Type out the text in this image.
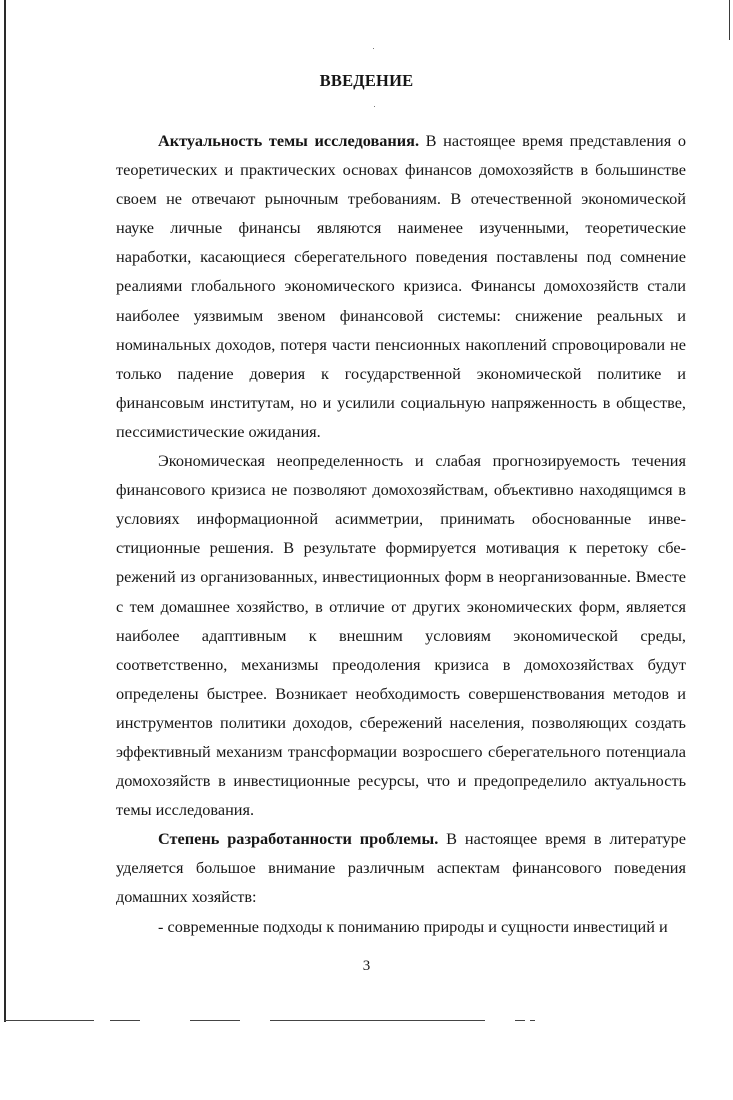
ВВЕДЕНИЕ

Актуальность темы исследования. В настоящее время представления о теоретических и практических основах финансов домохозяйств в большинстве своем не отвечают рыночным требованиям. В отечественной экономической науке личные финансы являются наименее изученными, теоретические наработки, касающиеся сберегательного поведения поставлены под сомнение реалиями глобального экономического кризиса. Финансы домохозяйств стали наиболее уязвимым звеном финансовой системы: снижение реальных и номинальных доходов, потеря части пенсионных накоплений спровоцировали не только падение доверия к государственной экономической политике и финансовым институтам, но и усилили социальную напряженность в обществе, пессимистические ожидания.

Экономическая неопределенность и слабая прогнозируемость течения финансового кризиса не позволяют домохозяйствам, объективно находящимся в условиях информационной асимметрии, принимать обоснованные инвестиционные решения. В результате формируется мотивация к перетоку сбережений из организованных, инвестиционных форм в неорганизованные. Вместе с тем домашнее хозяйство, в отличие от других экономических форм, является наиболее адаптивным к внешним условиям экономической среды, соответственно, механизмы преодоления кризиса в домохозяйствах будут определены быстрее. Возникает необходимость совершенствования методов и инструментов политики доходов, сбережений населения, позволяющих создать эффективный механизм трансформации возросшего сберегательного потенциала домохозяйств в инвестиционные ресурсы, что и предопределило актуальность темы исследования.

Степень разработанности проблемы. В настоящее время в литературе уделяется большое внимание различным аспектам финансового поведения домашних хозяйств:

- современные подходы к пониманию природы и сущности инвестиций и

3
